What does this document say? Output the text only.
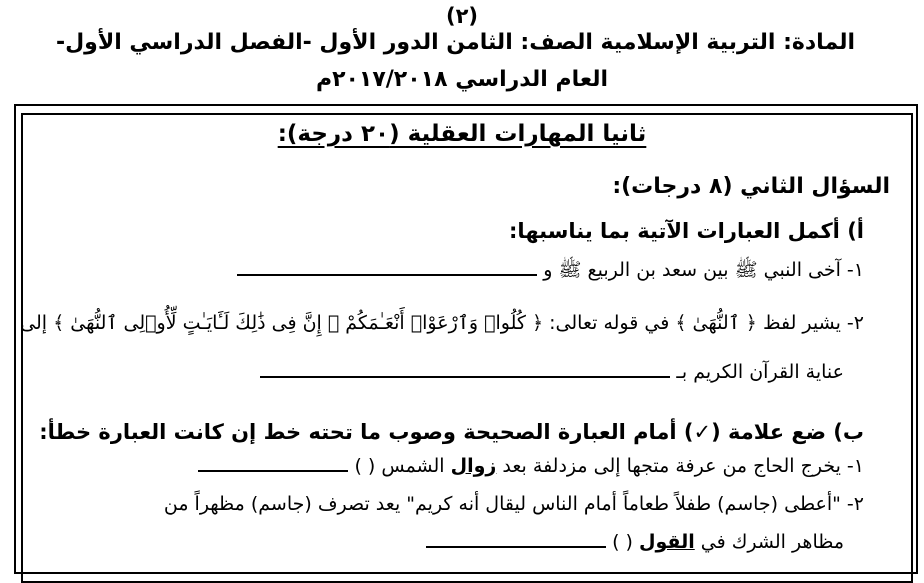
(٢)
المادة: التربية الإسلامية الصف: الثامن الدور الأول -الفصل الدراسي الأول-
العام الدراسي ٢٠١٧/٢٠١٨م
ثانيا المهارات العقلية (٢٠ درجة):
السؤال الثاني (٨ درجات):
أ) أكمل العبارات الآتية بما يناسبها:
١- آخى النبي ﷺ بين سعد بن الربيع ﷺ و
٢- يشير لفظ ﴿ ٱلنُّهَىٰ ﴾ في قوله تعالى: ﴿ كُلُوا۟ وَٱرْعَوْا۟ أَنْعَـٰمَكُمْ ۗ إِنَّ فِى ذَٰلِكَ لَـَٔايَـٰتٍ لِّأُو۟لِى ٱلنُّهَىٰ ﴾ إلى
عناية القرآن الكريم بـ
ب) ضع علامة (✓) أمام العبارة الصحيحة وصوب ما تحته خط إن كانت العبارة خطأ:
١- يخرج الحاج من عرفة متجها إلى مزدلفة بعد زوال الشمس ( )
٢- "أعطى (جاسم) طفلاً طعاماً أمام الناس ليقال أنه كريم" يعد تصرف (جاسم) مظهراً من
مظاهر الشرك في القول ( )
